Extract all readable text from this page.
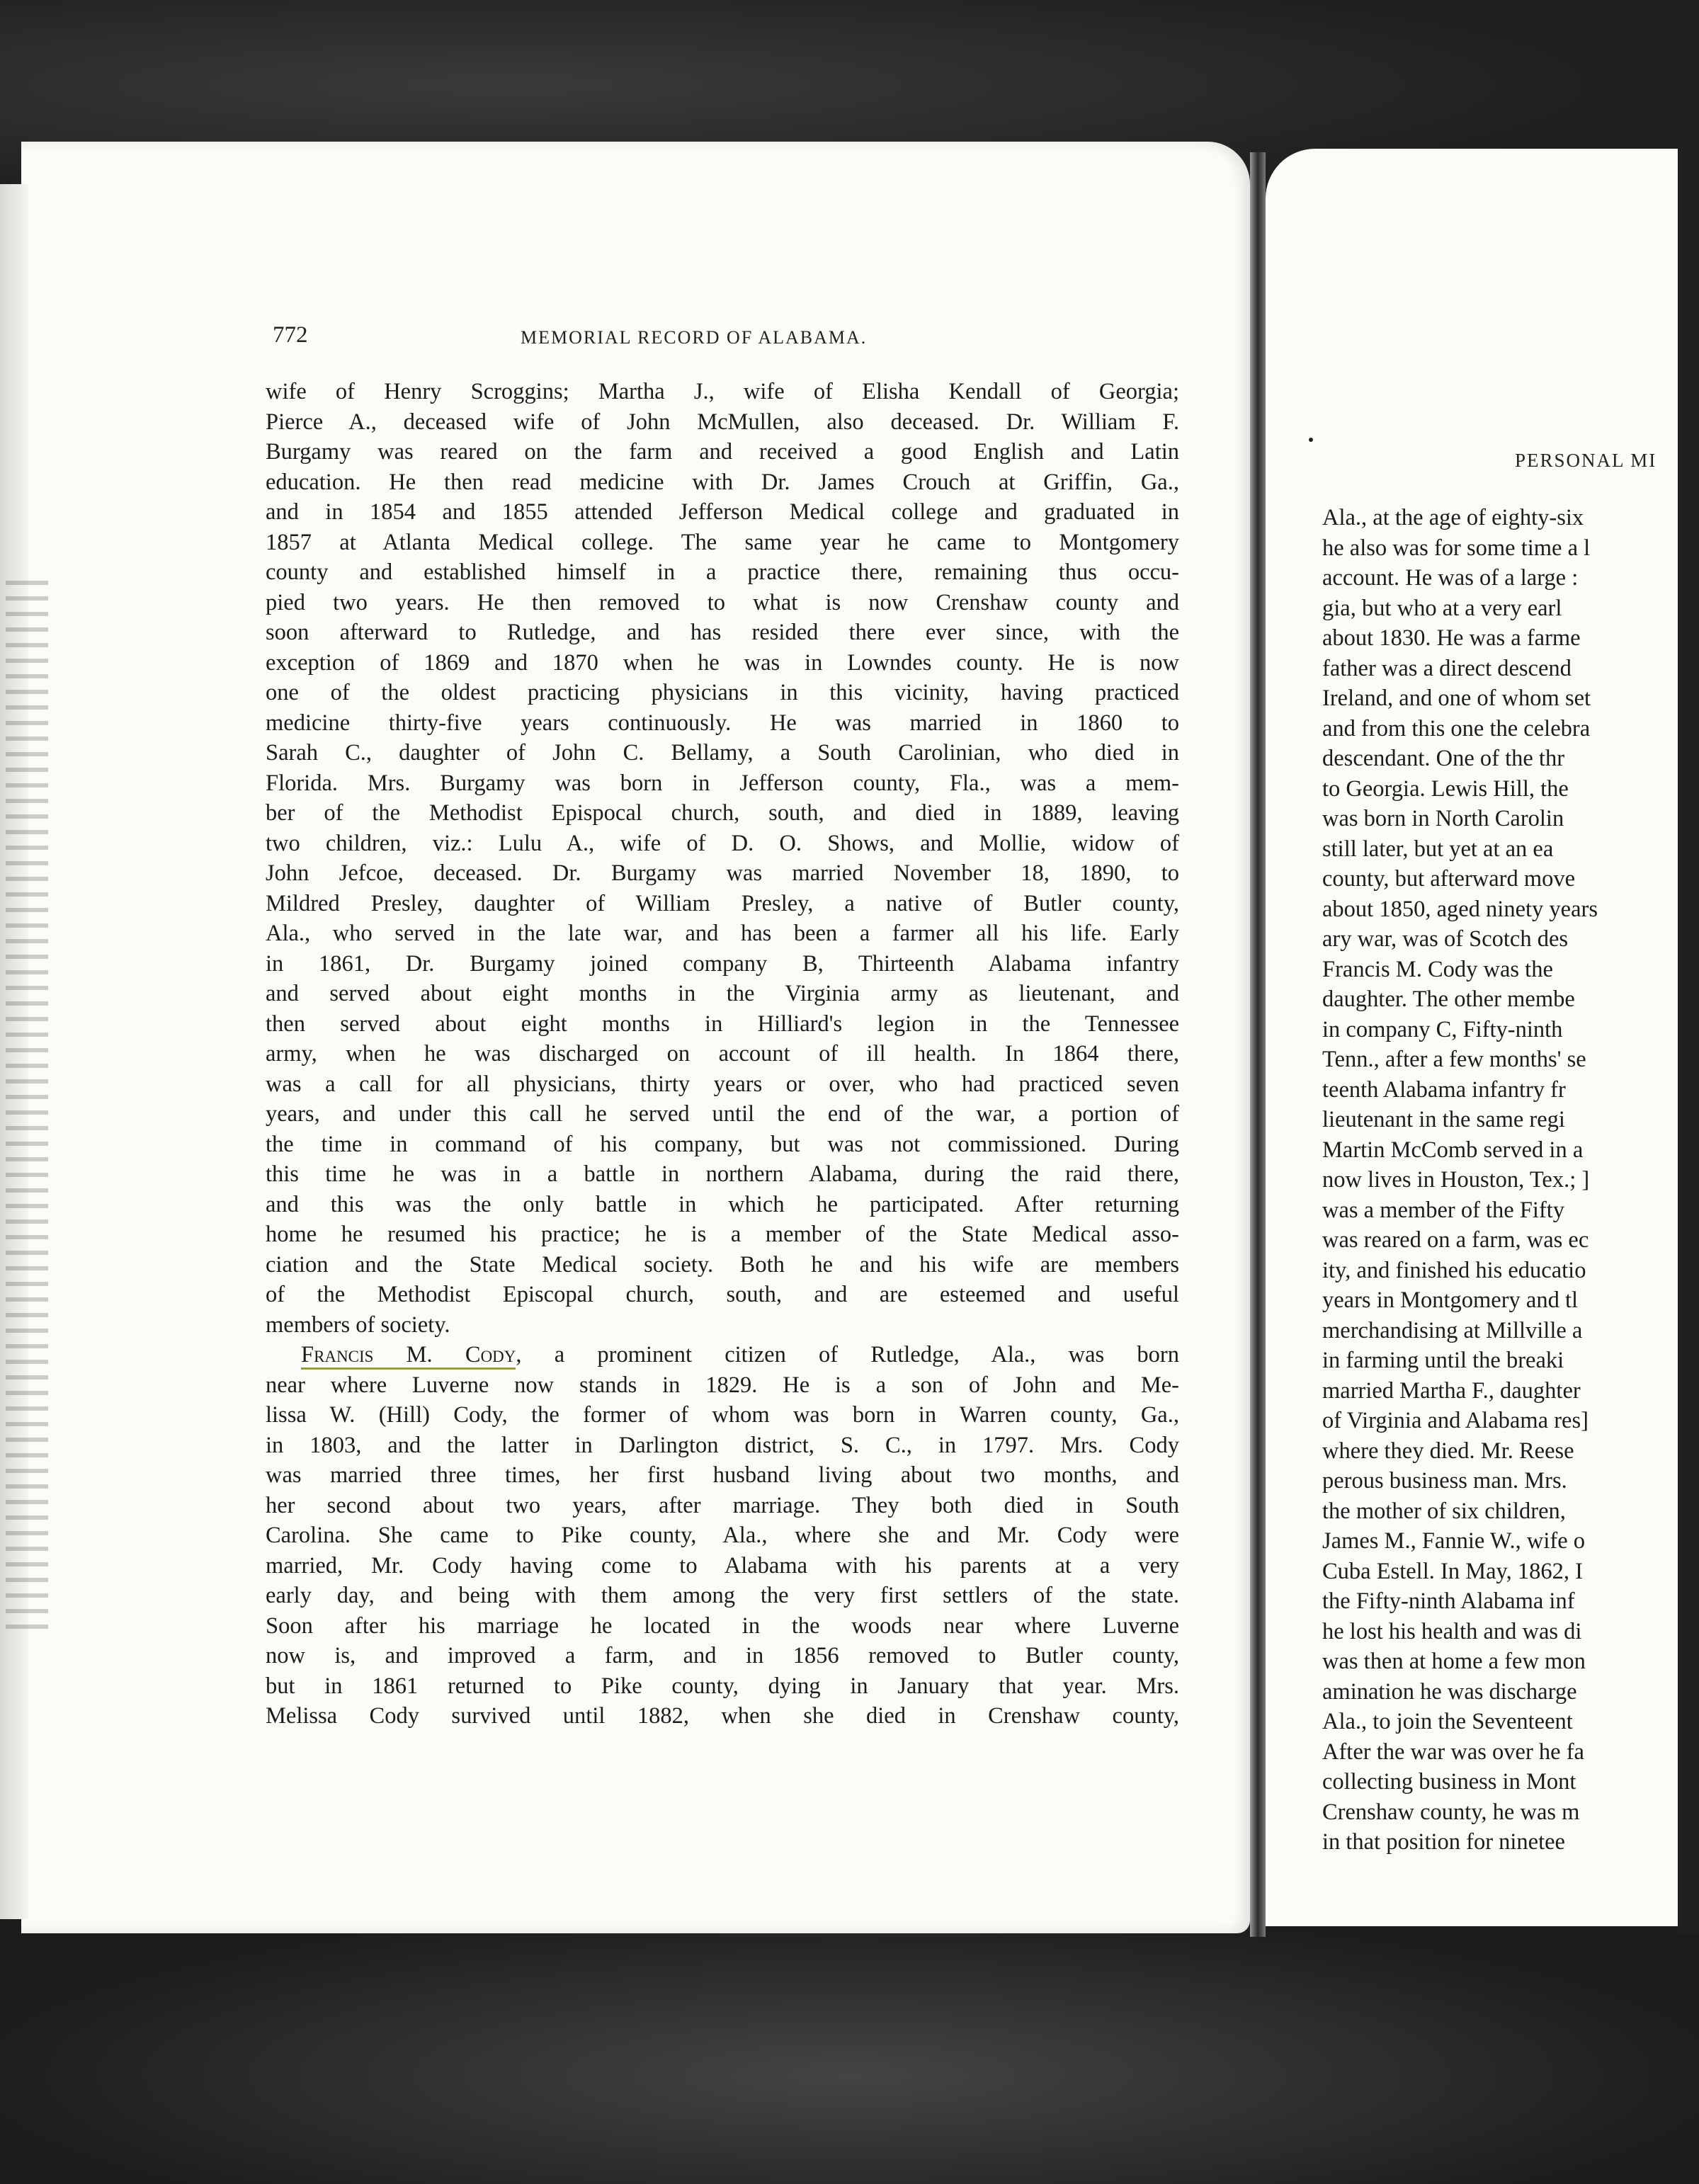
PERSONAL MI
Ala., at the age of eighty-six
he also was for some time a l
account. He was of a large :
gia, but who at a very earl
about 1830. He was a farme
father was a direct descend
Ireland, and one of whom set
and from this one the celebra
descendant. One of the thr
to Georgia. Lewis Hill, the
was born in North Carolin
still later, but yet at an ea
county, but afterward move
about 1850, aged ninety years
ary war, was of Scotch des
Francis M. Cody was the
daughter. The other membe
in company C, Fifty-ninth
Tenn., after a few months' se
teenth Alabama infantry fr
lieutenant in the same regi
Martin McComb served in a
now lives in Houston, Tex.; ]
was a member of the Fifty
was reared on a farm, was ec
ity, and finished his educatio
years in Montgomery and tl
merchandising at Millville a
in farming until the breaki
married Martha F., daughter
of Virginia and Alabama res]
where they died. Mr. Reese
perous business man. Mrs.
the mother of six children,
James M., Fannie W., wife o
Cuba Estell. In May, 1862, I
the Fifty-ninth Alabama inf
he lost his health and was di
was then at home a few mon
amination he was discharge
Ala., to join the Seventeent
After the war was over he fa
collecting business in Mont
Crenshaw county, he was m
in that position for ninetee
772	MEMORIAL RECORD OF ALABAMA.
wife of Henry Scroggins; Martha J., wife of Elisha Kendall of Georgia;
Pierce A., deceased wife of John McMullen, also deceased. Dr. William F.
Burgamy was reared on the farm and received a good English and Latin
education. He then read medicine with Dr. James Crouch at Griffin, Ga.,
and in 1854 and 1855 attended Jefferson Medical college and graduated in
1857 at Atlanta Medical college. The same year he came to Montgomery
county and established himself in a practice there, remaining thus occu-
pied two years. He then removed to what is now Crenshaw county and
soon afterward to Rutledge, and has resided there ever since, with the
exception of 1869 and 1870 when he was in Lowndes county. He is now
one of the oldest practicing physicians in this vicinity, having practiced
medicine thirty-five years continuously. He was married in 1860 to
Sarah C., daughter of John C. Bellamy, a South Carolinian, who died in
Florida. Mrs. Burgamy was born in Jefferson county, Fla., was a mem-
ber of the Methodist Epispocal church, south, and died in 1889, leaving
two children, viz.: Lulu A., wife of D. O. Shows, and Mollie, widow of
John Jefcoe, deceased. Dr. Burgamy was married November 18, 1890, to
Mildred Presley, daughter of William Presley, a native of Butler county,
Ala., who served in the late war, and has been a farmer all his life. Early
in 1861, Dr. Burgamy joined company B, Thirteenth Alabama infantry
and served about eight months in the Virginia army as lieutenant, and
then served about eight months in Hilliard's legion in the Tennessee
army, when he was discharged on account of ill health. In 1864 there,
was a call for all physicians, thirty years or over, who had practiced seven
years, and under this call he served until the end of the war, a portion of
the time in command of his company, but was not commissioned. During
this time he was in a battle in northern Alabama, during the raid there,
and this was the only battle in which he participated. After returning
home he resumed his practice; he is a member of the State Medical asso-
ciation and the State Medical society. Both he and his wife are members
of the Methodist Episcopal church, south, and are esteemed and useful
members of society.
Francis M. Cody, a prominent citizen of Rutledge, Ala., was born
near where Luverne now stands in 1829. He is a son of John and Me-
lissa W. (Hill) Cody, the former of whom was born in Warren county, Ga.,
in 1803, and the latter in Darlington district, S. C., in 1797. Mrs. Cody
was married three times, her first husband living about two months, and
her second about two years, after marriage. They both died in South
Carolina. She came to Pike county, Ala., where she and Mr. Cody were
married, Mr. Cody having come to Alabama with his parents at a very
early day, and being with them among the very first settlers of the state.
Soon after his marriage he located in the woods near where Luverne
now is, and improved a farm, and in 1856 removed to Butler county,
but in 1861 returned to Pike county, dying in January that year. Mrs.
Melissa Cody survived until 1882, when she died in Crenshaw county,
